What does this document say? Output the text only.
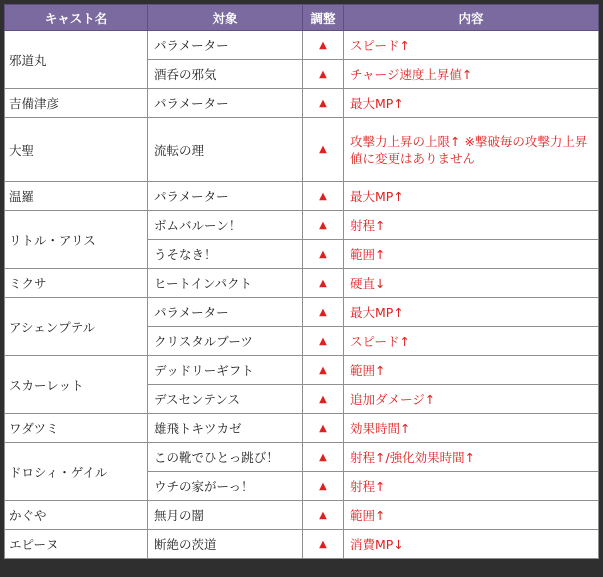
キャスト名	対象	調整	内容
邪道丸	パラメーター	▲	スピード↑
	酒呑の邪気	▲	チャージ速度上昇値↑
吉備津彦	パラメーター	▲	最大MP↑
大聖	流転の理	▲	攻撃力上昇の上限↑ ※撃破毎の攻撃力上昇値に変更はありません
温羅	パラメーター	▲	最大MP↑
リトル・アリス	ボムバルーン！	▲	射程↑
	うそなき！	▲	範囲↑
ミクサ	ヒートインパクト	▲	硬直↓
アシェンプテル	パラメーター	▲	最大MP↑
	クリスタルブーツ	▲	スピード↑
スカーレット	デッドリーギフト	▲	範囲↑
	デスセンテンス	▲	追加ダメージ↑
ワダツミ	雄飛トキツカゼ	▲	効果時間↑
ドロシィ・ゲイル	この靴でひとっ跳び！	▲	射程↑/強化効果時間↑
	ウチの家がーっ！	▲	射程↑
かぐや	無月の闇	▲	範囲↑
エピーヌ	断絶の茨道	▲	消費MP↓
